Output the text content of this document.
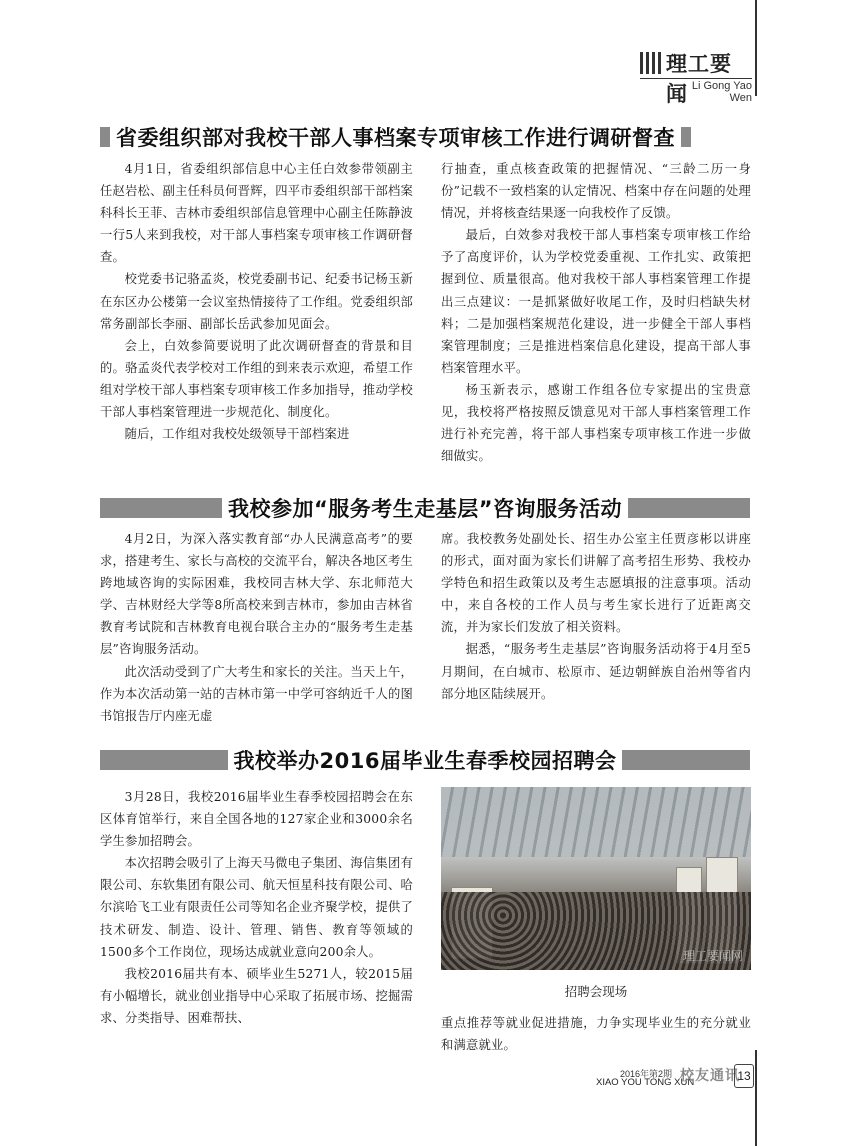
理工要闻 Li Gong Yao Wen
省委组织部对我校干部人事档案专项审核工作进行调研督查

4月1日，省委组织部信息中心主任白效参带领副主任赵岩松、副主任科员何晋辉，四平市委组织部干部档案科科长王菲、吉林市委组织部信息管理中心副主任陈静波一行5人来到我校，对干部人事档案专项审核工作调研督查。

校党委书记骆孟炎，校党委副书记、纪委书记杨玉新在东区办公楼第一会议室热情接待了工作组。党委组织部常务副部长李丽、副部长岳武参加见面会。

会上，白效参简要说明了此次调研督查的背景和目的。骆孟炎代表学校对工作组的到来表示欢迎，希望工作组对学校干部人事档案专项审核工作多加指导，推动学校干部人事档案管理进一步规范化、制度化。

随后，工作组对我校处级领导干部档案进

行抽查，重点核查政策的把握情况、“三龄二历一身份”记载不一致档案的认定情况、档案中存在问题的处理情况，并将核查结果逐一向我校作了反馈。

最后，白效参对我校干部人事档案专项审核工作给予了高度评价，认为学校党委重视、工作扎实、政策把握到位、质量很高。他对我校干部人事档案管理工作提出三点建议：一是抓紧做好收尾工作，及时归档缺失材料；二是加强档案规范化建设，进一步健全干部人事档案管理制度；三是推进档案信息化建设，提高干部人事档案管理水平。

杨玉新表示，感谢工作组各位专家提出的宝贵意见，我校将严格按照反馈意见对干部人事档案管理工作进行补充完善，将干部人事档案专项审核工作进一步做细做实。

我校参加“服务考生走基层”咨询服务活动

4月2日，为深入落实教育部“办人民满意高考”的要求，搭建考生、家长与高校的交流平台，解决各地区考生跨地域咨询的实际困难，我校同吉林大学、东北师范大学、吉林财经大学等8所高校来到吉林市，参加由吉林省教育考试院和吉林教育电视台联合主办的“服务考生走基层”咨询服务活动。

此次活动受到了广大考生和家长的关注。当天上午，作为本次活动第一站的吉林市第一中学可容纳近千人的图书馆报告厅内座无虚

席。我校教务处副处长、招生办公室主任贾彦彬以讲座的形式，面对面为家长们讲解了高考招生形势、我校办学特色和招生政策以及考生志愿填报的注意事项。活动中，来自各校的工作人员与考生家长进行了近距离交流，并为家长们发放了相关资料。

据悉，“服务考生走基层”咨询服务活动将于4月至5月期间，在白城市、松原市、延边朝鲜族自治州等省内部分地区陆续展开。

我校举办2016届毕业生春季校园招聘会

3月28日，我校2016届毕业生春季校园招聘会在东区体育馆举行，来自全国各地的127家企业和3000余名学生参加招聘会。

本次招聘会吸引了上海天马微电子集团、海信集团有限公司、东软集团有限公司、航天恒星科技有限公司、哈尔滨哈飞工业有限责任公司等知名企业齐聚学校，提供了技术研发、制造、设计、管理、销售、教育等领域的1500多个工作岗位，现场达成就业意向200余人。

我校2016届共有本、硕毕业生5271人，较2015届有小幅增长，就业创业指导中心采取了拓展市场、挖掘需求、分类指导、困难帮扶、

理工要闻网
招聘会现场

重点推荐等就业促进措施，力争实现毕业生的充分就业和满意就业。

2016年第2期
XIAO YOU TONG XUN
校友通讯
13
